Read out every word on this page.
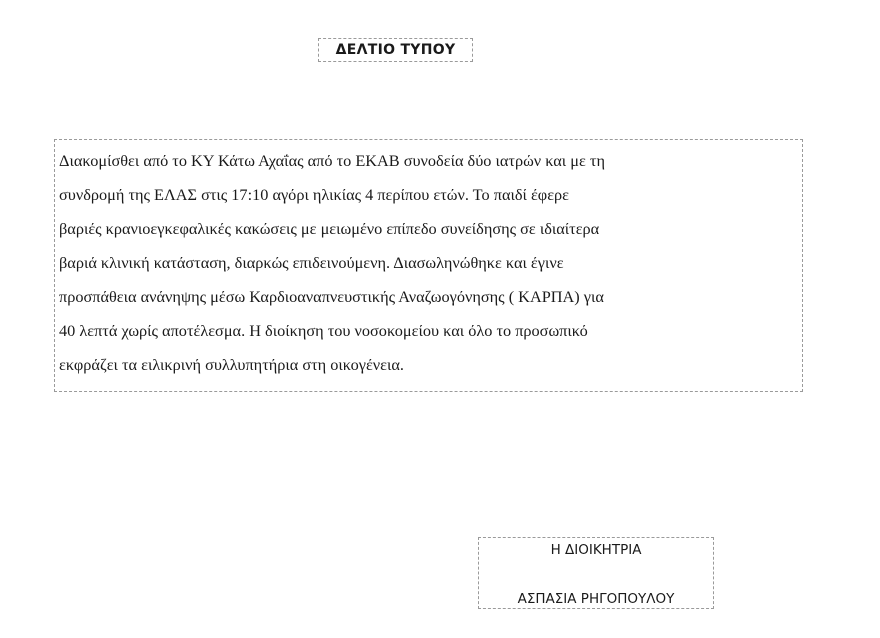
ΔΕΛΤΙΟ ΤΥΠΟΥ

Διακομίσθει από το ΚΥ Κάτω Αχαΐας από το ΕΚΑΒ συνοδεία δύο ιατρών και με τη

συνδρομή της ΕΛΑΣ στις 17:10 αγόρι ηλικίας 4 περίπου ετών. Το παιδί έφερε

βαριές κρανιοεγκεφαλικές κακώσεις με μειωμένο επίπεδο συνείδησης σε ιδιαίτερα

βαριά κλινική κατάσταση, διαρκώς επιδεινούμενη. Διασωληνώθηκε και έγινε

προσπάθεια ανάνηψης μέσω Καρδιοαναπνευστικής Αναζωογόνησης ( ΚΑΡΠΑ) για

40 λεπτά χωρίς αποτέλεσμα. Η διοίκηση του νοσοκομείου και όλο το προσωπικό

εκφράζει τα ειλικρινή συλλυπητήρια στη οικογένεια.

Η ΔΙΟΙΚΗΤΡΙΑ
ΑΣΠΑΣΙΑ ΡΗΓΟΠΟΥΛΟΥ
